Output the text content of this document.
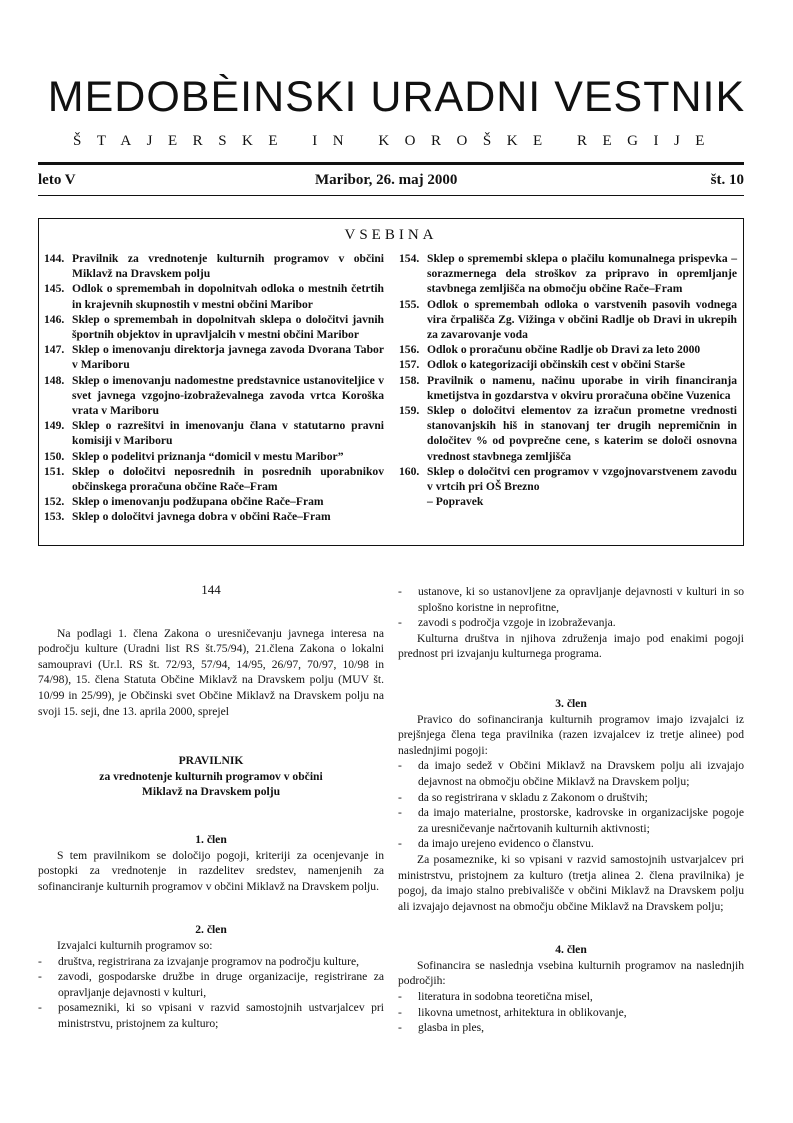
MEDOBÈINSKI URADNI VESTNIK
ŠTAJERSKE IN KOROŠKE REGIJE
leto V	Maribor, 26. maj 2000	št. 10
VSEBINA
144. Pravilnik za vrednotenje kulturnih programov v občini Miklavž na Dravskem polju
145. Odlok o spremembah in dopolnitvah odloka o mestnih četrtih in krajevnih skupnostih v mestni občini Maribor
146. Sklep o spremembah in dopolnitvah sklepa o določitvi javnih športnih objektov in upravljalcih v mestni občini Maribor
147. Sklep o imenovanju direktorja javnega zavoda Dvorana Tabor v Mariboru
148. Sklep o imenovanju nadomestne predstavnice ustanoviteljice v svet javnega vzgojno-izobraževalnega zavoda vrtca Koroška vrata v Mariboru
149. Sklep o razrešitvi in imenovanju člana v statutarno pravni komisiji v Mariboru
150. Sklep o podelitvi priznanja “domicil v mestu Maribor”
151. Sklep o določitvi neposrednih in posrednih uporabnikov občinskega proračuna občine Rače–Fram
152. Sklep o imenovanju podžupana občine Rače–Fram
153. Sklep o določitvi javnega dobra v občini Rače–Fram
154. Sklep o spremembi sklepa o plačilu komunalnega prispevka – sorazmernega dela stroškov za pripravo in opremljanje stavbnega zemljišča na območju občine Rače–Fram
155. Odlok o spremembah odloka o varstvenih pasovih vodnega vira črpališča Zg. Vižinga v občini Radlje ob Dravi in ukrepih za zavarovanje voda
156. Odlok o proračunu občine Radlje ob Dravi za leto 2000
157. Odlok o kategorizaciji občinskih cest v občini Starše
158. Pravilnik o namenu, načinu uporabe in virih financiranja kmetijstva in gozdarstva v okviru proračuna občine Vuzenica
159. Sklep o določitvi elementov za izračun prometne vrednosti stanovanjskih hiš in stanovanj ter drugih nepremičnin in določitev % od povprečne cene, s katerim se določi osnovna vrednost stavbnega zemljišča
160. Sklep o določitvi cen programov v vzgojnovarstvenem zavodu v vrtcih pri OŠ Brezno
– Popravek
144

Na podlagi 1. člena Zakona o uresničevanju javnega interesa na področju kulture (Uradni list RS št.75/94), 21.člena Zakona o lokalni samoupravi (Ur.l. RS št. 72/93, 57/94, 14/95, 26/97, 70/97, 10/98 in 74/98), 15. člena Statuta Občine Miklavž na Dravskem polju (MUV št. 10/99 in 25/99), je Občinski svet Občine Miklavž na Dravskem polju na svoji 15. seji, dne 13. aprila 2000, sprejel

PRAVILNIK
za vrednotenje kulturnih programov v občini Miklavž na Dravskem polju
1. člen

S tem pravilnikom se določijo pogoji, kriteriji za ocenjevanje in postopki za vrednotenje in razdelitev sredstev, namenjenih za sofinanciranje kulturnih programov v občini Miklavž na Dravskem polju.

2. člen

Izvajalci kulturnih programov so:

- društva, registrirana za izvajanje programov na področju kulture,
- zavodi, gospodarske družbe in druge organizacije, registrirane za opravljanje dejavnosti v kulturi,
- posamezniki, ki so vpisani v razvid samostojnih ustvarjalcev pri ministrstvu, pristojnem za kulturo;
- ustanove, ki so ustanovljene za opravljanje dejavnosti v kulturi in so splošno koristne in neprofitne,
- zavodi s področja vzgoje in izobraževanja.

Kulturna društva in njihova združenja imajo pod enakimi pogoji prednost pri izvajanju kulturnega programa.

3. člen

Pravico do sofinanciranja kulturnih programov imajo izvajalci iz prejšnjega člena tega pravilnika (razen izvajalcev iz tretje alinee) pod naslednjimi pogoji:

- da imajo sedež v Občini Miklavž na Dravskem polju ali izvajajo dejavnost na območju občine Miklavž na Dravskem polju;
- da so registrirana v skladu z Zakonom o društvih;
- da imajo materialne, prostorske, kadrovske in organizacijske pogoje za uresničevanje načrtovanih kulturnih aktivnosti;
- da imajo urejeno evidenco o članstvu.

Za posameznike, ki so vpisani v razvid samostojnih ustvarjalcev pri ministrstvu, pristojnem za kulturo (tretja alinea 2. člena pravilnika) je pogoj, da imajo stalno prebivališče v občini Miklavž na Dravskem polju ali izvajajo dejavnost na območju občine Miklavž na Dravskem polju;

4. člen

Sofinancira se naslednja vsebina kulturnih programov na naslednjih področjih:

- literatura in sodobna teoretična misel,
- likovna umetnost, arhitektura in oblikovanje,
- glasba in ples,
